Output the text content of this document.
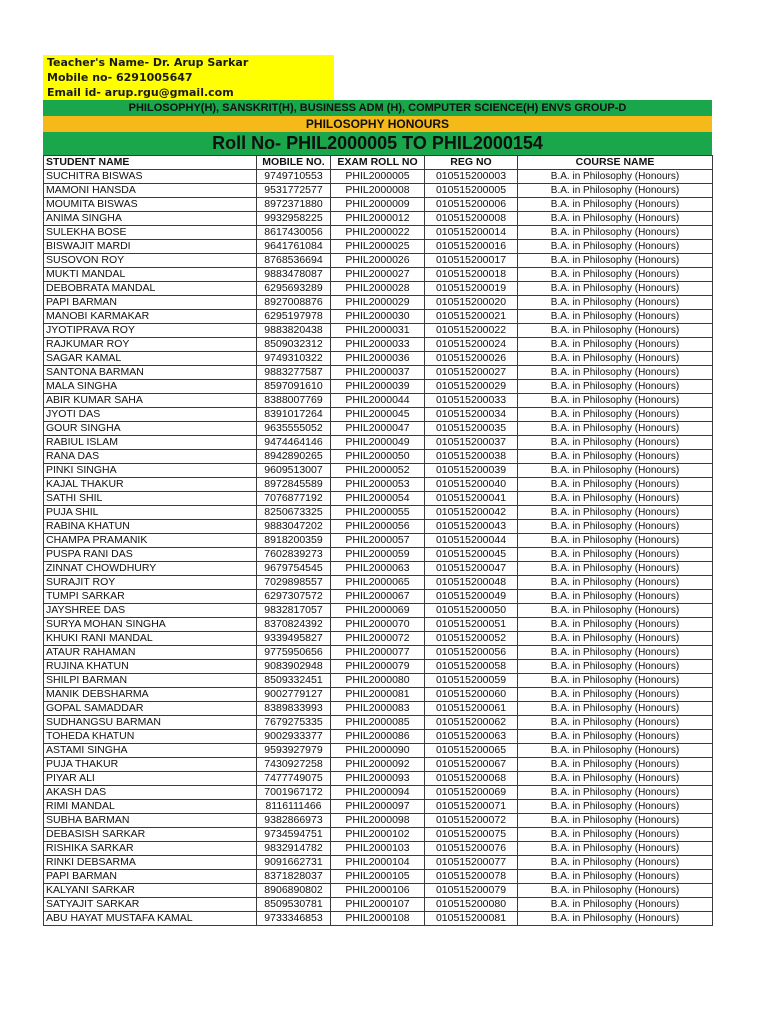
Teacher's Name- Dr. Arup Sarkar
Mobile no- 6291005647
Email id- arup.rgu@gmail.com
PHILOSOPHY(H), SANSKRIT(H), BUSINESS ADM (H), COMPUTER SCIENCE(H) ENVS GROUP-D
PHILOSOPHY HONOURS
Roll No- PHIL2000005 TO PHIL2000154
STUDENT NAME	MOBILE NO.	EXAM ROLL NO	REG NO	COURSE NAME
SUCHITRA BISWAS	9749710553	PHIL2000005	010515200003	B.A. in Philosophy (Honours)
MAMONI HANSDA	9531772577	PHIL2000008	010515200005	B.A. in Philosophy (Honours)
MOUMITA BISWAS	8972371880	PHIL2000009	010515200006	B.A. in Philosophy (Honours)
ANIMA SINGHA	9932958225	PHIL2000012	010515200008	B.A. in Philosophy (Honours)
SULEKHA BOSE	8617430056	PHIL2000022	010515200014	B.A. in Philosophy (Honours)
BISWAJIT MARDI	9641761084	PHIL2000025	010515200016	B.A. in Philosophy (Honours)
SUSOVON ROY	8768536694	PHIL2000026	010515200017	B.A. in Philosophy (Honours)
MUKTI MANDAL	9883478087	PHIL2000027	010515200018	B.A. in Philosophy (Honours)
DEBOBRATA MANDAL	6295693289	PHIL2000028	010515200019	B.A. in Philosophy (Honours)
PAPI BARMAN	8927008876	PHIL2000029	010515200020	B.A. in Philosophy (Honours)
MANOBI KARMAKAR	6295197978	PHIL2000030	010515200021	B.A. in Philosophy (Honours)
JYOTIPRAVA ROY	9883820438	PHIL2000031	010515200022	B.A. in Philosophy (Honours)
RAJKUMAR ROY	8509032312	PHIL2000033	010515200024	B.A. in Philosophy (Honours)
SAGAR KAMAL	9749310322	PHIL2000036	010515200026	B.A. in Philosophy (Honours)
SANTONA BARMAN	9883277587	PHIL2000037	010515200027	B.A. in Philosophy (Honours)
MALA SINGHA	8597091610	PHIL2000039	010515200029	B.A. in Philosophy (Honours)
ABIR KUMAR SAHA	8388007769	PHIL2000044	010515200033	B.A. in Philosophy (Honours)
JYOTI DAS	8391017264	PHIL2000045	010515200034	B.A. in Philosophy (Honours)
GOUR SINGHA	9635555052	PHIL2000047	010515200035	B.A. in Philosophy (Honours)
RABIUL ISLAM	9474464146	PHIL2000049	010515200037	B.A. in Philosophy (Honours)
RANA DAS	8942890265	PHIL2000050	010515200038	B.A. in Philosophy (Honours)
PINKI SINGHA	9609513007	PHIL2000052	010515200039	B.A. in Philosophy (Honours)
KAJAL THAKUR	8972845589	PHIL2000053	010515200040	B.A. in Philosophy (Honours)
SATHI SHIL	7076877192	PHIL2000054	010515200041	B.A. in Philosophy (Honours)
PUJA SHIL	8250673325	PHIL2000055	010515200042	B.A. in Philosophy (Honours)
RABINA KHATUN	9883047202	PHIL2000056	010515200043	B.A. in Philosophy (Honours)
CHAMPA PRAMANIK	8918200359	PHIL2000057	010515200044	B.A. in Philosophy (Honours)
PUSPA RANI DAS	7602839273	PHIL2000059	010515200045	B.A. in Philosophy (Honours)
ZINNAT CHOWDHURY	9679754545	PHIL2000063	010515200047	B.A. in Philosophy (Honours)
SURAJIT ROY	7029898557	PHIL2000065	010515200048	B.A. in Philosophy (Honours)
TUMPI SARKAR	6297307572	PHIL2000067	010515200049	B.A. in Philosophy (Honours)
JAYSHREE DAS	9832817057	PHIL2000069	010515200050	B.A. in Philosophy (Honours)
SURYA MOHAN SINGHA	8370824392	PHIL2000070	010515200051	B.A. in Philosophy (Honours)
KHUKI RANI MANDAL	9339495827	PHIL2000072	010515200052	B.A. in Philosophy (Honours)
ATAUR RAHAMAN	9775950656	PHIL2000077	010515200056	B.A. in Philosophy (Honours)
RUJINA KHATUN	9083902948	PHIL2000079	010515200058	B.A. in Philosophy (Honours)
SHILPI BARMAN	8509332451	PHIL2000080	010515200059	B.A. in Philosophy (Honours)
MANIK DEBSHARMA	9002779127	PHIL2000081	010515200060	B.A. in Philosophy (Honours)
GOPAL SAMADDAR	8389833993	PHIL2000083	010515200061	B.A. in Philosophy (Honours)
SUDHANGSU BARMAN	7679275335	PHIL2000085	010515200062	B.A. in Philosophy (Honours)
TOHEDA KHATUN	9002933377	PHIL2000086	010515200063	B.A. in Philosophy (Honours)
ASTAMI SINGHA	9593927979	PHIL2000090	010515200065	B.A. in Philosophy (Honours)
PUJA THAKUR	7430927258	PHIL2000092	010515200067	B.A. in Philosophy (Honours)
PIYAR ALI	7477749075	PHIL2000093	010515200068	B.A. in Philosophy (Honours)
AKASH DAS	7001967172	PHIL2000094	010515200069	B.A. in Philosophy (Honours)
RIMI MANDAL	8116111466	PHIL2000097	010515200071	B.A. in Philosophy (Honours)
SUBHA BARMAN	9382866973	PHIL2000098	010515200072	B.A. in Philosophy (Honours)
DEBASISH SARKAR	9734594751	PHIL2000102	010515200075	B.A. in Philosophy (Honours)
RISHIKA SARKAR	9832914782	PHIL2000103	010515200076	B.A. in Philosophy (Honours)
RINKI DEBSARMA	9091662731	PHIL2000104	010515200077	B.A. in Philosophy (Honours)
PAPI BARMAN	8371828037	PHIL2000105	010515200078	B.A. in Philosophy (Honours)
KALYANI SARKAR	8906890802	PHIL2000106	010515200079	B.A. in Philosophy (Honours)
SATYAJIT SARKAR	8509530781	PHIL2000107	010515200080	B.A. in Philosophy (Honours)
ABU HAYAT MUSTAFA KAMAL	9733346853	PHIL2000108	010515200081	B.A. in Philosophy (Honours)
